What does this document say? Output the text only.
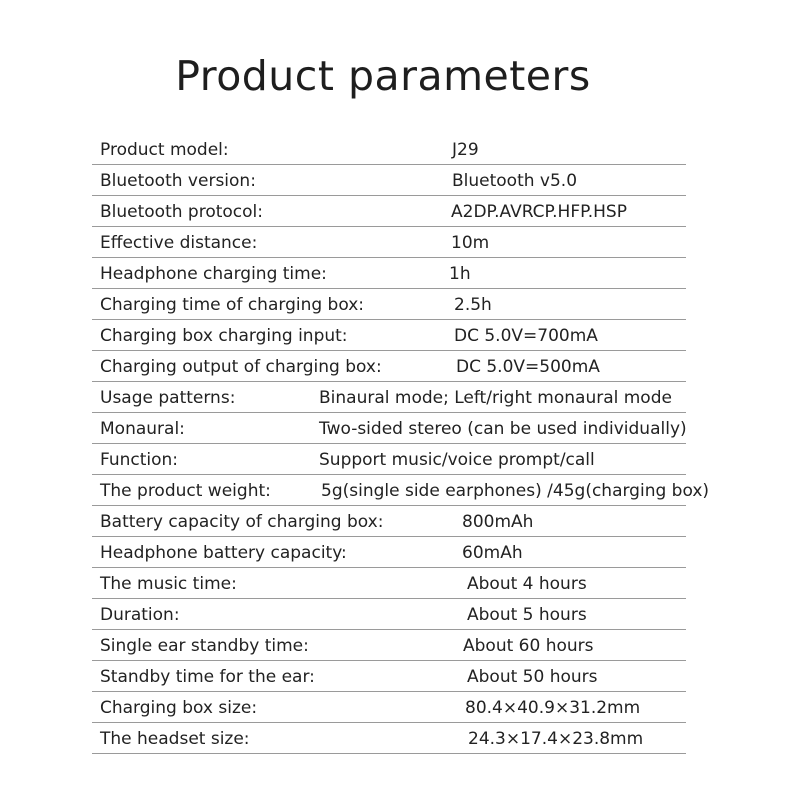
Product parameters
Product model:	J29
Bluetooth version:	Bluetooth v5.0
Bluetooth protocol:	A2DP.AVRCP.HFP.HSP
Effective distance:	10m
Headphone charging time:	1h
Charging time of charging box:	2.5h
Charging box charging input:	DC 5.0V=700mA
Charging output of charging box:	DC 5.0V=500mA
Usage patterns:	Binaural mode; Left/right monaural mode
Monaural:	Two-sided stereo (can be used individually)
Function:	Support music/voice prompt/call
The product weight:	5g(single side earphones) /45g(charging box)
Battery capacity of charging box:	800mAh
Headphone battery capacity:	60mAh
The music time:	About 4 hours
Duration:	About 5 hours
Single ear standby time:	About 60 hours
Standby time for the ear:	About 50 hours
Charging box size:	80.4×40.9×31.2mm
The headset size:	24.3×17.4×23.8mm
